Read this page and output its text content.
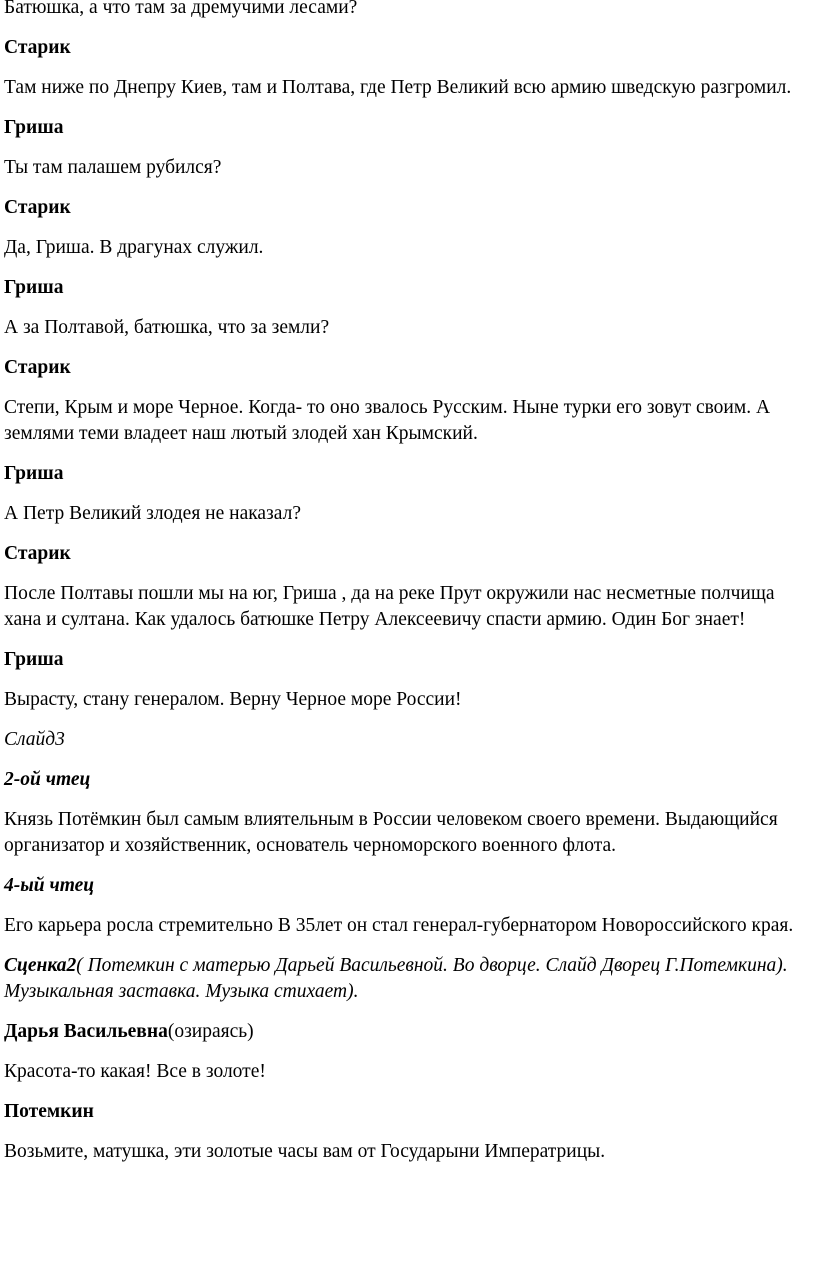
Батюшка, а что там за дремучими лесами?

Старик

Там ниже по Днепру Киев, там и Полтава, где Петр Великий всю армию шведскую разгромил.

Гриша

Ты там палашем рубился?

Старик

Да, Гриша. В драгунах служил.

Гриша

А за Полтавой, батюшка, что за земли?

Старик

Степи, Крым и море Черное. Когда- то оно звалось Русским. Ныне турки его зовут своим. А землями теми владеет наш лютый злодей хан Крымский.

Гриша

А Петр Великий злодея не наказал?

Старик

После Полтавы пошли мы на юг, Гриша , да на реке Прут окружили нас несметные полчища хана и султана. Как удалось батюшке Петру Алексеевичу спасти армию. Один Бог знает!

Гриша

Вырасту, стану генералом. Верну Черное море России!

Слайд3

2-ой чтец

Князь Потёмкин был самым влиятельным в России человеком своего времени. Выдающийся организатор и хозяйственник, основатель черноморского военного флота.

4-ый чтец

Его карьера росла стремительно В 35лет он стал генерал-губернатором Новороссийского края.

Сценка2( Потемкин с матерью Дарьей Васильевной. Во дворце. Слайд Дворец Г.Потемкина). Музыкальная заставка. Музыка стихает).

Дарья Васильевна(озираясь)

Красота-то какая! Все в золоте!

Потемкин

Возьмите, матушка, эти золотые часы вам от Государыни Императрицы.
